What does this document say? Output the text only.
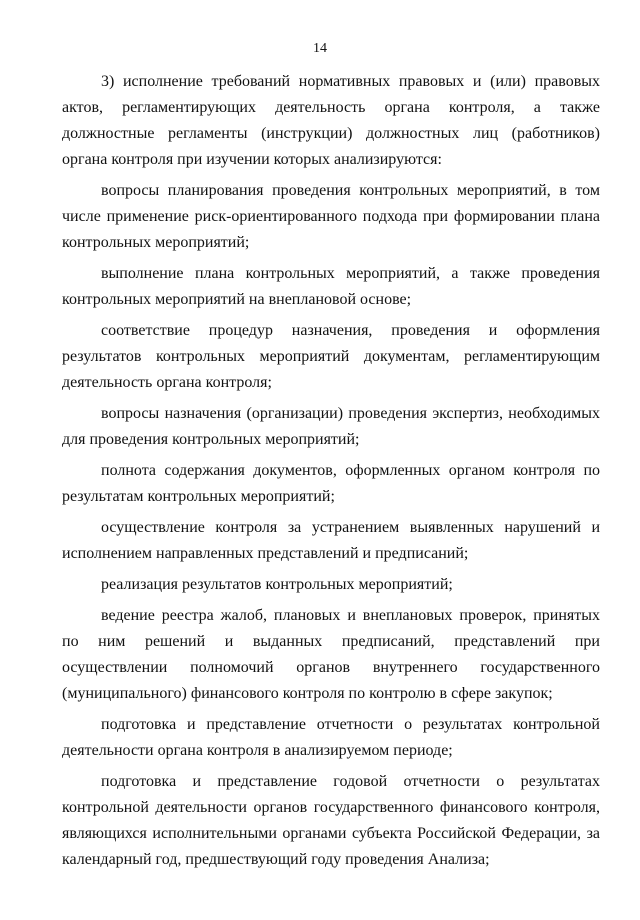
14

3) исполнение требований нормативных правовых и (или) правовых актов, регламентирующих деятельность органа контроля, а также должностные регламенты (инструкции) должностных лиц (работников) органа контроля при изучении которых анализируются:

вопросы планирования проведения контрольных мероприятий, в том числе применение риск-ориентированного подхода при формировании плана контрольных мероприятий;

выполнение плана контрольных мероприятий, а также проведения контрольных мероприятий на внеплановой основе;

соответствие процедур назначения, проведения и оформления результатов контрольных мероприятий документам, регламентирующим деятельность органа контроля;

вопросы назначения (организации) проведения экспертиз, необходимых для проведения контрольных мероприятий;

полнота содержания документов, оформленных органом контроля по результатам контрольных мероприятий;

осуществление контроля за устранением выявленных нарушений и исполнением направленных представлений и предписаний;

реализация результатов контрольных мероприятий;

ведение реестра жалоб, плановых и внеплановых проверок, принятых по ним решений и выданных предписаний, представлений при осуществлении полномочий органов внутреннего государственного (муниципального) финансового контроля по контролю в сфере закупок;

подготовка и представление отчетности о результатах контрольной деятельности органа контроля в анализируемом периоде;

подготовка и представление годовой отчетности о результатах контрольной деятельности органов государственного финансового контроля, являющихся исполнительными органами субъекта Российской Федерации, за календарный год, предшествующий году проведения Анализа;
